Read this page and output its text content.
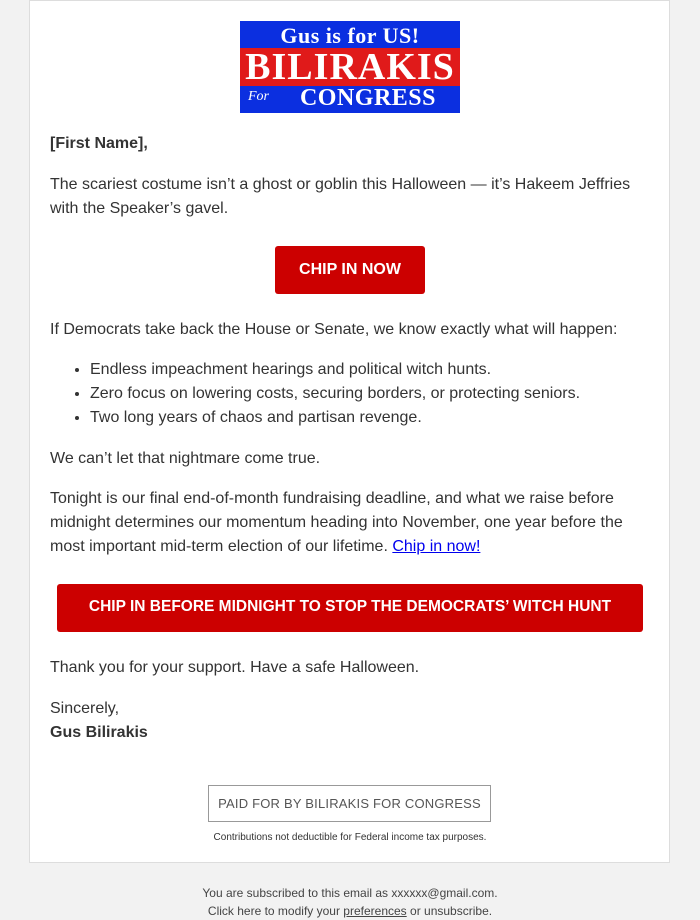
Gus is for US!
BILIRAKIS
For	CONGRESS
[First Name],
The scariest costume isn’t a ghost or goblin this Halloween — it’s Hakeem Jeffries with the Speaker’s gavel.
CHIP IN NOW
If Democrats take back the House or Senate, we know exactly what will happen:
• Endless impeachment hearings and political witch hunts.
• Zero focus on lowering costs, securing borders, or protecting seniors.
• Two long years of chaos and partisan revenge.
We can’t let that nightmare come true.
Tonight is our final end-of-month fundraising deadline, and what we raise before
midnight determines our momentum heading into November, one year before the
most important mid-term election of our lifetime. Chip in now!
CHIP IN BEFORE MIDNIGHT TO STOP THE DEMOCRATS’ WITCH HUNT
Thank you for your support. Have a safe Halloween.
Sincerely,
Gus Bilirakis
PAID FOR BY BILIRAKIS FOR CONGRESS
Contributions not deductible for Federal income tax purposes.
You are subscribed to this email as xxxxxx@gmail.com.
Click here to modify your preferences or unsubscribe.
